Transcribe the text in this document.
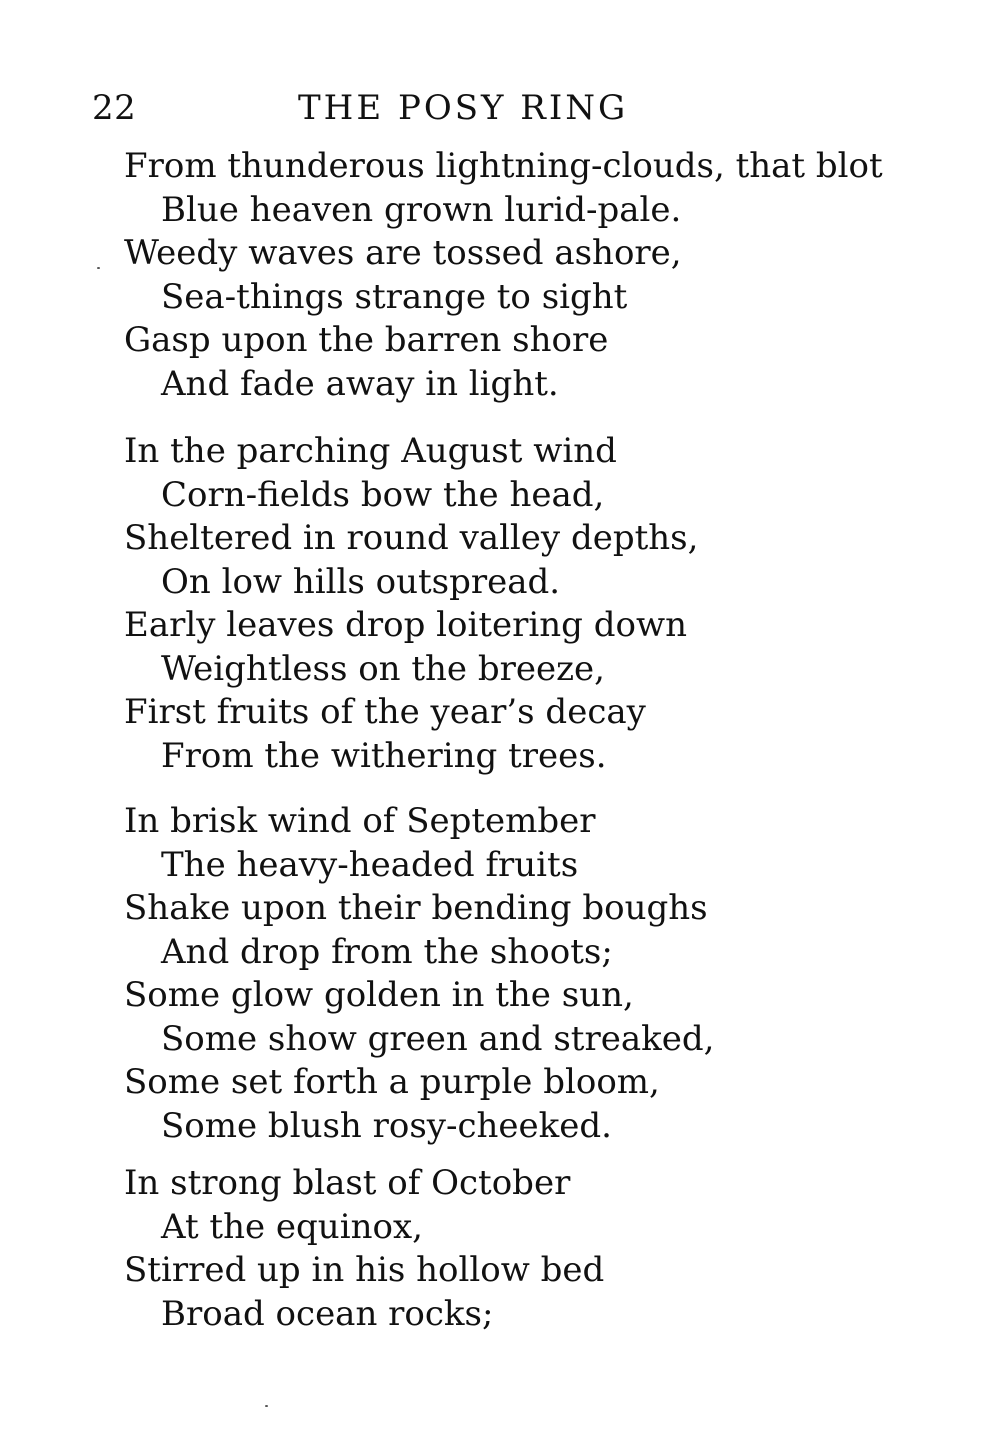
22	THE POSY RING
From thunderous lightning-clouds, that blot
Blue heaven grown lurid-pale.
Weedy waves are tossed ashore,
Sea-things strange to sight
Gasp upon the barren shore
And fade away in light.
In the parching August wind
Corn-fields bow the head,
Sheltered in round valley depths,
On low hills outspread.
Early leaves drop loitering down
Weightless on the breeze,
First fruits of the year’s decay
From the withering trees.
In brisk wind of September
The heavy-headed fruits
Shake upon their bending boughs
And drop from the shoots;
Some glow golden in the sun,
Some show green and streaked,
Some set forth a purple bloom,
Some blush rosy-cheeked.
In strong blast of October
At the equinox,
Stirred up in his hollow bed
Broad ocean rocks;
